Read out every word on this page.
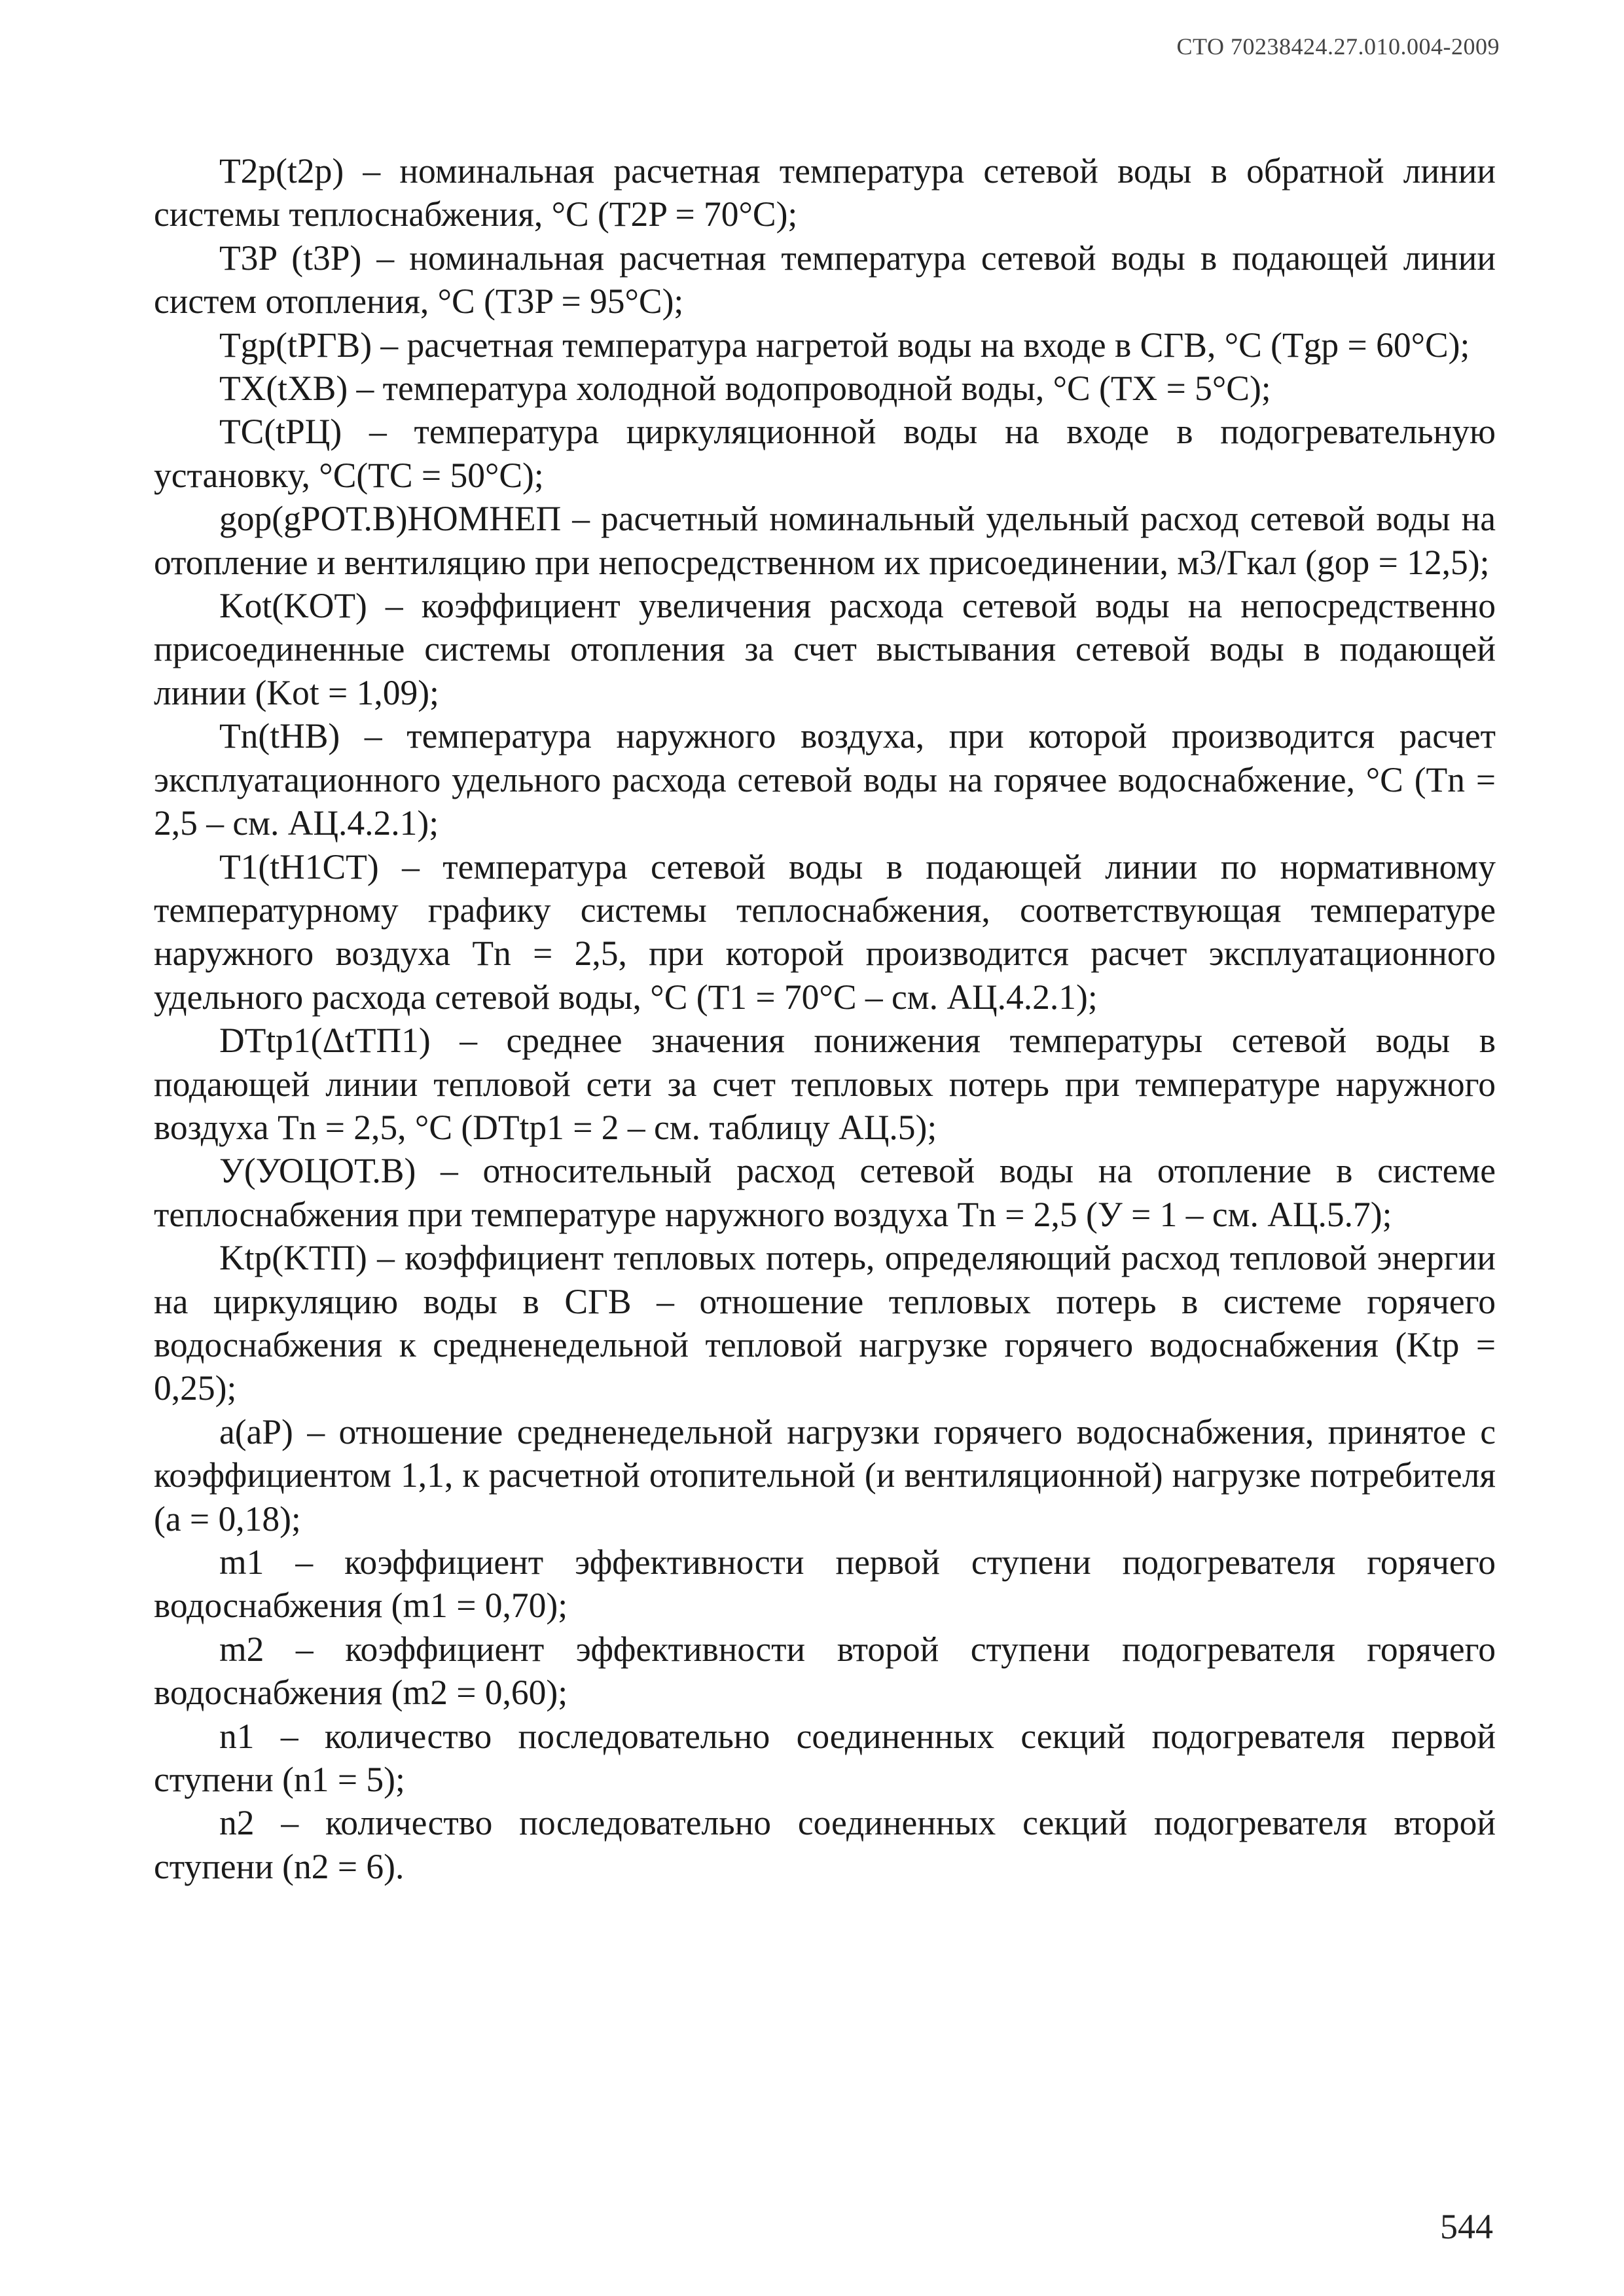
СТО 70238424.27.010.004-2009

T2p(t2p) – номинальная расчетная температура сетевой воды в обратной линии системы теплоснабжения, °С (T2P = 70°С);

T3P (t3P) – номинальная расчетная температура сетевой воды в подающей линии систем отопления, °С (T3P = 95°С);

Tgp(tPГВ) – расчетная температура нагретой воды на входе в СГВ, °С (Tgp = 60°С);

TX(tXB) – температура холодной водопроводной воды, °С (TX = 5°С);

TC(tPЦ) – температура циркуляционной воды на входе в подогревательную установку, °С(TC = 50°С);

gop(gPОТ.В)НОМНЕП – расчетный номинальный удельный расход сетевой воды на отопление и вентиляцию при непосредственном их присоединении, м3/Гкал (gop = 12,5);

Kot(KОТ) – коэффициент увеличения расхода сетевой воды на непосредственно присоединенные системы отопления за счет выстывания сетевой воды в подающей линии (Kot = 1,09);

Tn(tНВ) – температура наружного воздуха, при которой производится расчет эксплуатационного удельного расхода сетевой воды на горячее водоснабжение, °С (Tn = 2,5 – см. АЦ.4.2.1);

T1(tН1СТ) – температура сетевой воды в подающей линии по нормативному температурному графику системы теплоснабжения, соответствующая температуре наружного воздуха Tn = 2,5, при которой производится расчет эксплуатационного удельного расхода сетевой воды, °С (T1 = 70°С – см. АЦ.4.2.1);

DTtp1(ΔtТП1) – среднее значения понижения температуры сетевой воды в подающей линии тепловой сети за счет тепловых потерь при температуре наружного воздуха Tn = 2,5, °С (DTtp1 = 2 – см. таблицу АЦ.5);

У(УОЦОТ.В) – относительный расход сетевой воды на отопление в системе теплоснабжения при температуре наружного воздуха Tn = 2,5 (У = 1 – см. АЦ.5.7);

Ktp(KТП) – коэффициент тепловых потерь, определяющий расход тепловой энергии на циркуляцию воды в СГВ – отношение тепловых потерь в системе горячего водоснабжения к средненедельной тепловой нагрузке горячего водоснабжения (Ktp = 0,25);

a(aP) – отношение средненедельной нагрузки горячего водоснабжения, принятое с коэффициентом 1,1, к расчетной отопительной (и вентиляционной) нагрузке потребителя (a = 0,18);

m1 – коэффициент эффективности первой ступени подогревателя горячего водоснабжения (m1 = 0,70);

m2 – коэффициент эффективности второй ступени подогревателя горячего водоснабжения (m2 = 0,60);

n1 – количество последовательно соединенных секций подогревателя первой ступени (n1 = 5);

n2 – количество последовательно соединенных секций подогревателя второй ступени (n2 = 6).

544
